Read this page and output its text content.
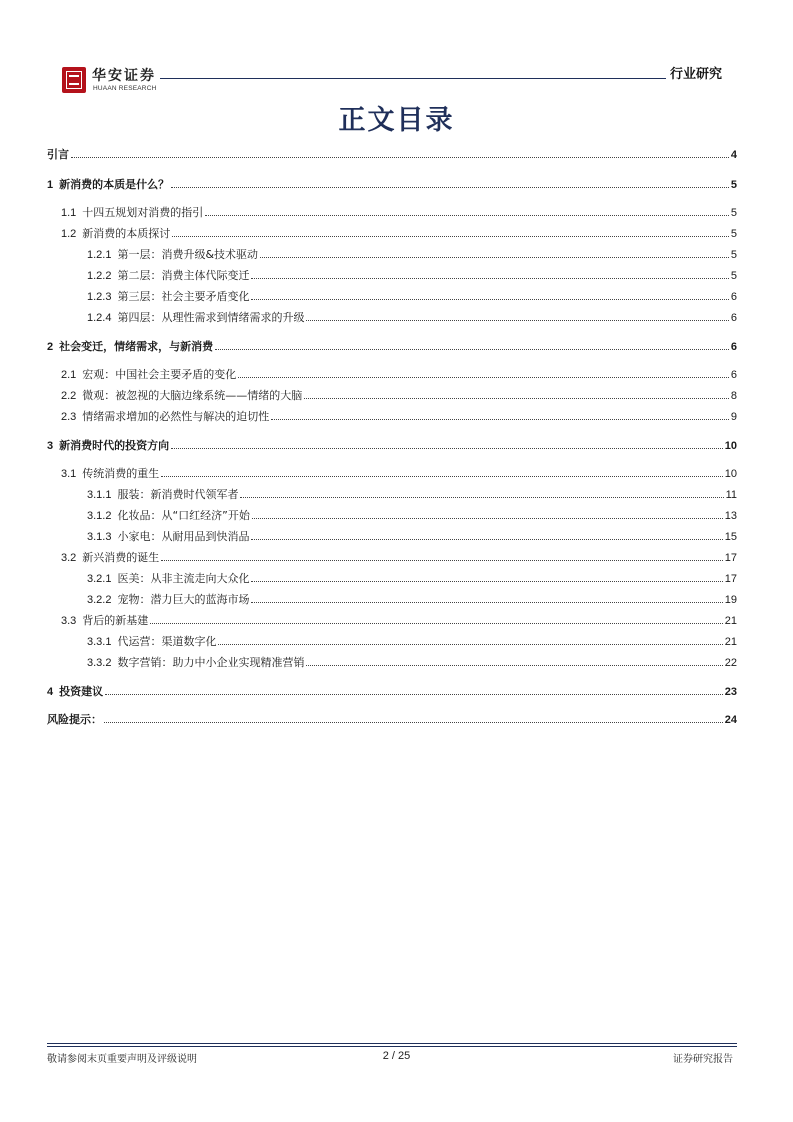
华安证券
HUAAN RESEARCH
行业研究
正文目录
引言	4
1 新消费的本质是什么？	5
1.1 十四五规划对消费的指引	5
1.2 新消费的本质探讨	5
1.2.1 第一层：消费升级&技术驱动	5
1.2.2 第二层：消费主体代际变迁	5
1.2.3 第三层：社会主要矛盾变化	6
1.2.4 第四层：从理性需求到情绪需求的升级	6
2 社会变迁，情绪需求，与新消费	6
2.1 宏观：中国社会主要矛盾的变化	6
2.2 微观：被忽视的大脑边缘系统——情绪的大脑	8
2.3 情绪需求增加的必然性与解决的迫切性	9
3 新消费时代的投资方向	10
3.1 传统消费的重生	10
3.1.1 服装：新消费时代领军者	11
3.1.2 化妆品：从“口红经济”开始	13
3.1.3 小家电：从耐用品到快消品	15
3.2 新兴消费的诞生	17
3.2.1 医美：从非主流走向大众化	17
3.2.2 宠物：潜力巨大的蓝海市场	19
3.3 背后的新基建	21
3.3.1 代运营：渠道数字化	21
3.3.2 数字营销：助力中小企业实现精准营销	22
4 投资建议	23
风险提示：	24
敬请参阅末页重要声明及评级说明	2 / 25	证券研究报告
